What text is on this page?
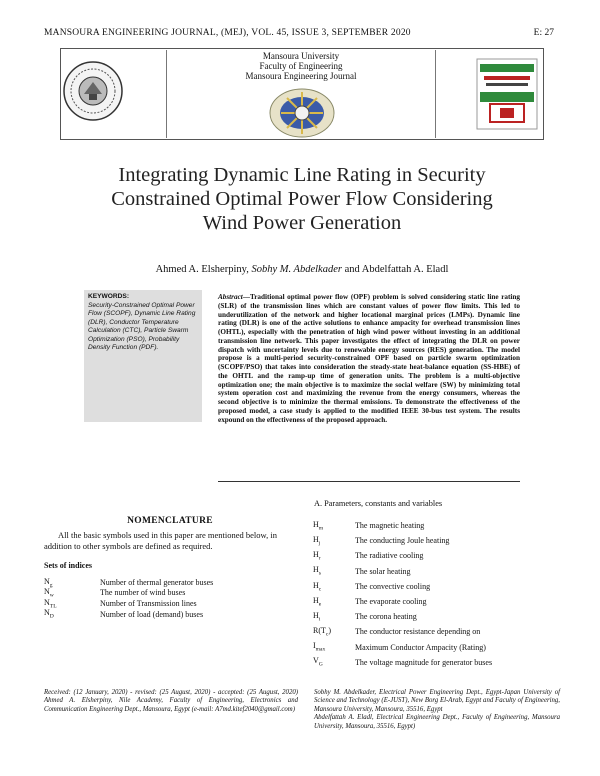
MANSOURA ENGINEERING JOURNAL, (MEJ), VOL. 45, ISSUE 3, SEPTEMBER 2020	E: 27
Mansoura University
Faculty of Engineering
Mansoura Engineering Journal
Integrating Dynamic Line Rating in Security
Constrained Optimal Power Flow Considering
Wind Power Generation
Ahmed A. Elsherpiny, Sobhy M. Abdelkader and Abdelfattah A. Eladl
KEYWORDS:
Security-Constrained Optimal Power Flow (SCOPF), Dynamic Line Rating (DLR), Conductor Temperature Calculation (CTC), Particle Swarm Optimization (PSO), Probability Density Function (PDF).
Abstract—Traditional optimal power flow (OPF) problem is solved considering static line rating (SLR) of the transmission lines which are constant values of power flow limits. This led to underutilization of the network and higher locational marginal prices (LMPs). Dynamic line rating (DLR) is one of the active solutions to enhance ampacity for overhead transmission lines (OHTL), especially with the penetration of high wind power without investing in an additional transmission line network. This paper investigates the effect of integrating the DLR on power dispatch with uncertainty levels due to renewable energy sources (RES) generation. The model propose is a multi-period security-constrained OPF based on particle swarm optimization (SCOPF/PSO) that takes into consideration the steady-state heat-balance equation (SS-HBE) of the OHTL and the ramp-up time of generation units. The problem is a multi-objective optimization one; the main objective is to maximize the social welfare (SW) by minimizing total system operation cost and maximizing the revenue from the energy consumers, whereas the second objective is to minimize the thermal emissions. To demonstrate the effectiveness of the proposed model, a case study is applied to the modified IEEE 30-bus test system. The results expound on the effectiveness of the proposed approach.
NOMENCLATURE
All the basic symbols used in this paper are mentioned below, in addition to other symbols are defined as required.
Sets of indices
$N_g$	Number of thermal generator buses
$N_w$	The number of wind buses
$N_{TL}$	Number of Transmission lines
$N_D$	Number of load (demand) buses
A. Parameters, constants and variables
$H_m$	The magnetic heating
$H_j$	The conducting Joule heating
$H_r$	The radiative cooling
$H_s$	The solar heating
$H_c$	The convective cooling
$H_e$	The evaporate cooling
$H_i$	The corona heating
$R(T_c)$	The conductor resistance depending on
$I_{max}$	Maximum Conductor Ampacity (Rating)
$V_G$	The voltage magnitude for generator buses
Received: (12 January, 2020) - revised: (25 August, 2020) - accepted: (25 August, 2020) Ahmed A. Elsherpiny, Nile Academy, Faculty of Engineering, Electronics and Communication Engineering Dept., Mansoura, Egypt (e-mail: A7md.kitef2040@gmail.com)
Sobhy M. Abdelkader, Electrical Power Engineering Dept., Egypt-Japan University of Science and Technology (E-JUST), New Borg El-Arab, Egypt and Faculty of Engineering, Mansoura University, Mansoura, 35516, Egypt
Abdelfattah A. Eladl, Electrical Engineering Dept., Faculty of Engineering, Mansoura University, Mansoura, 35516, Egypt)
